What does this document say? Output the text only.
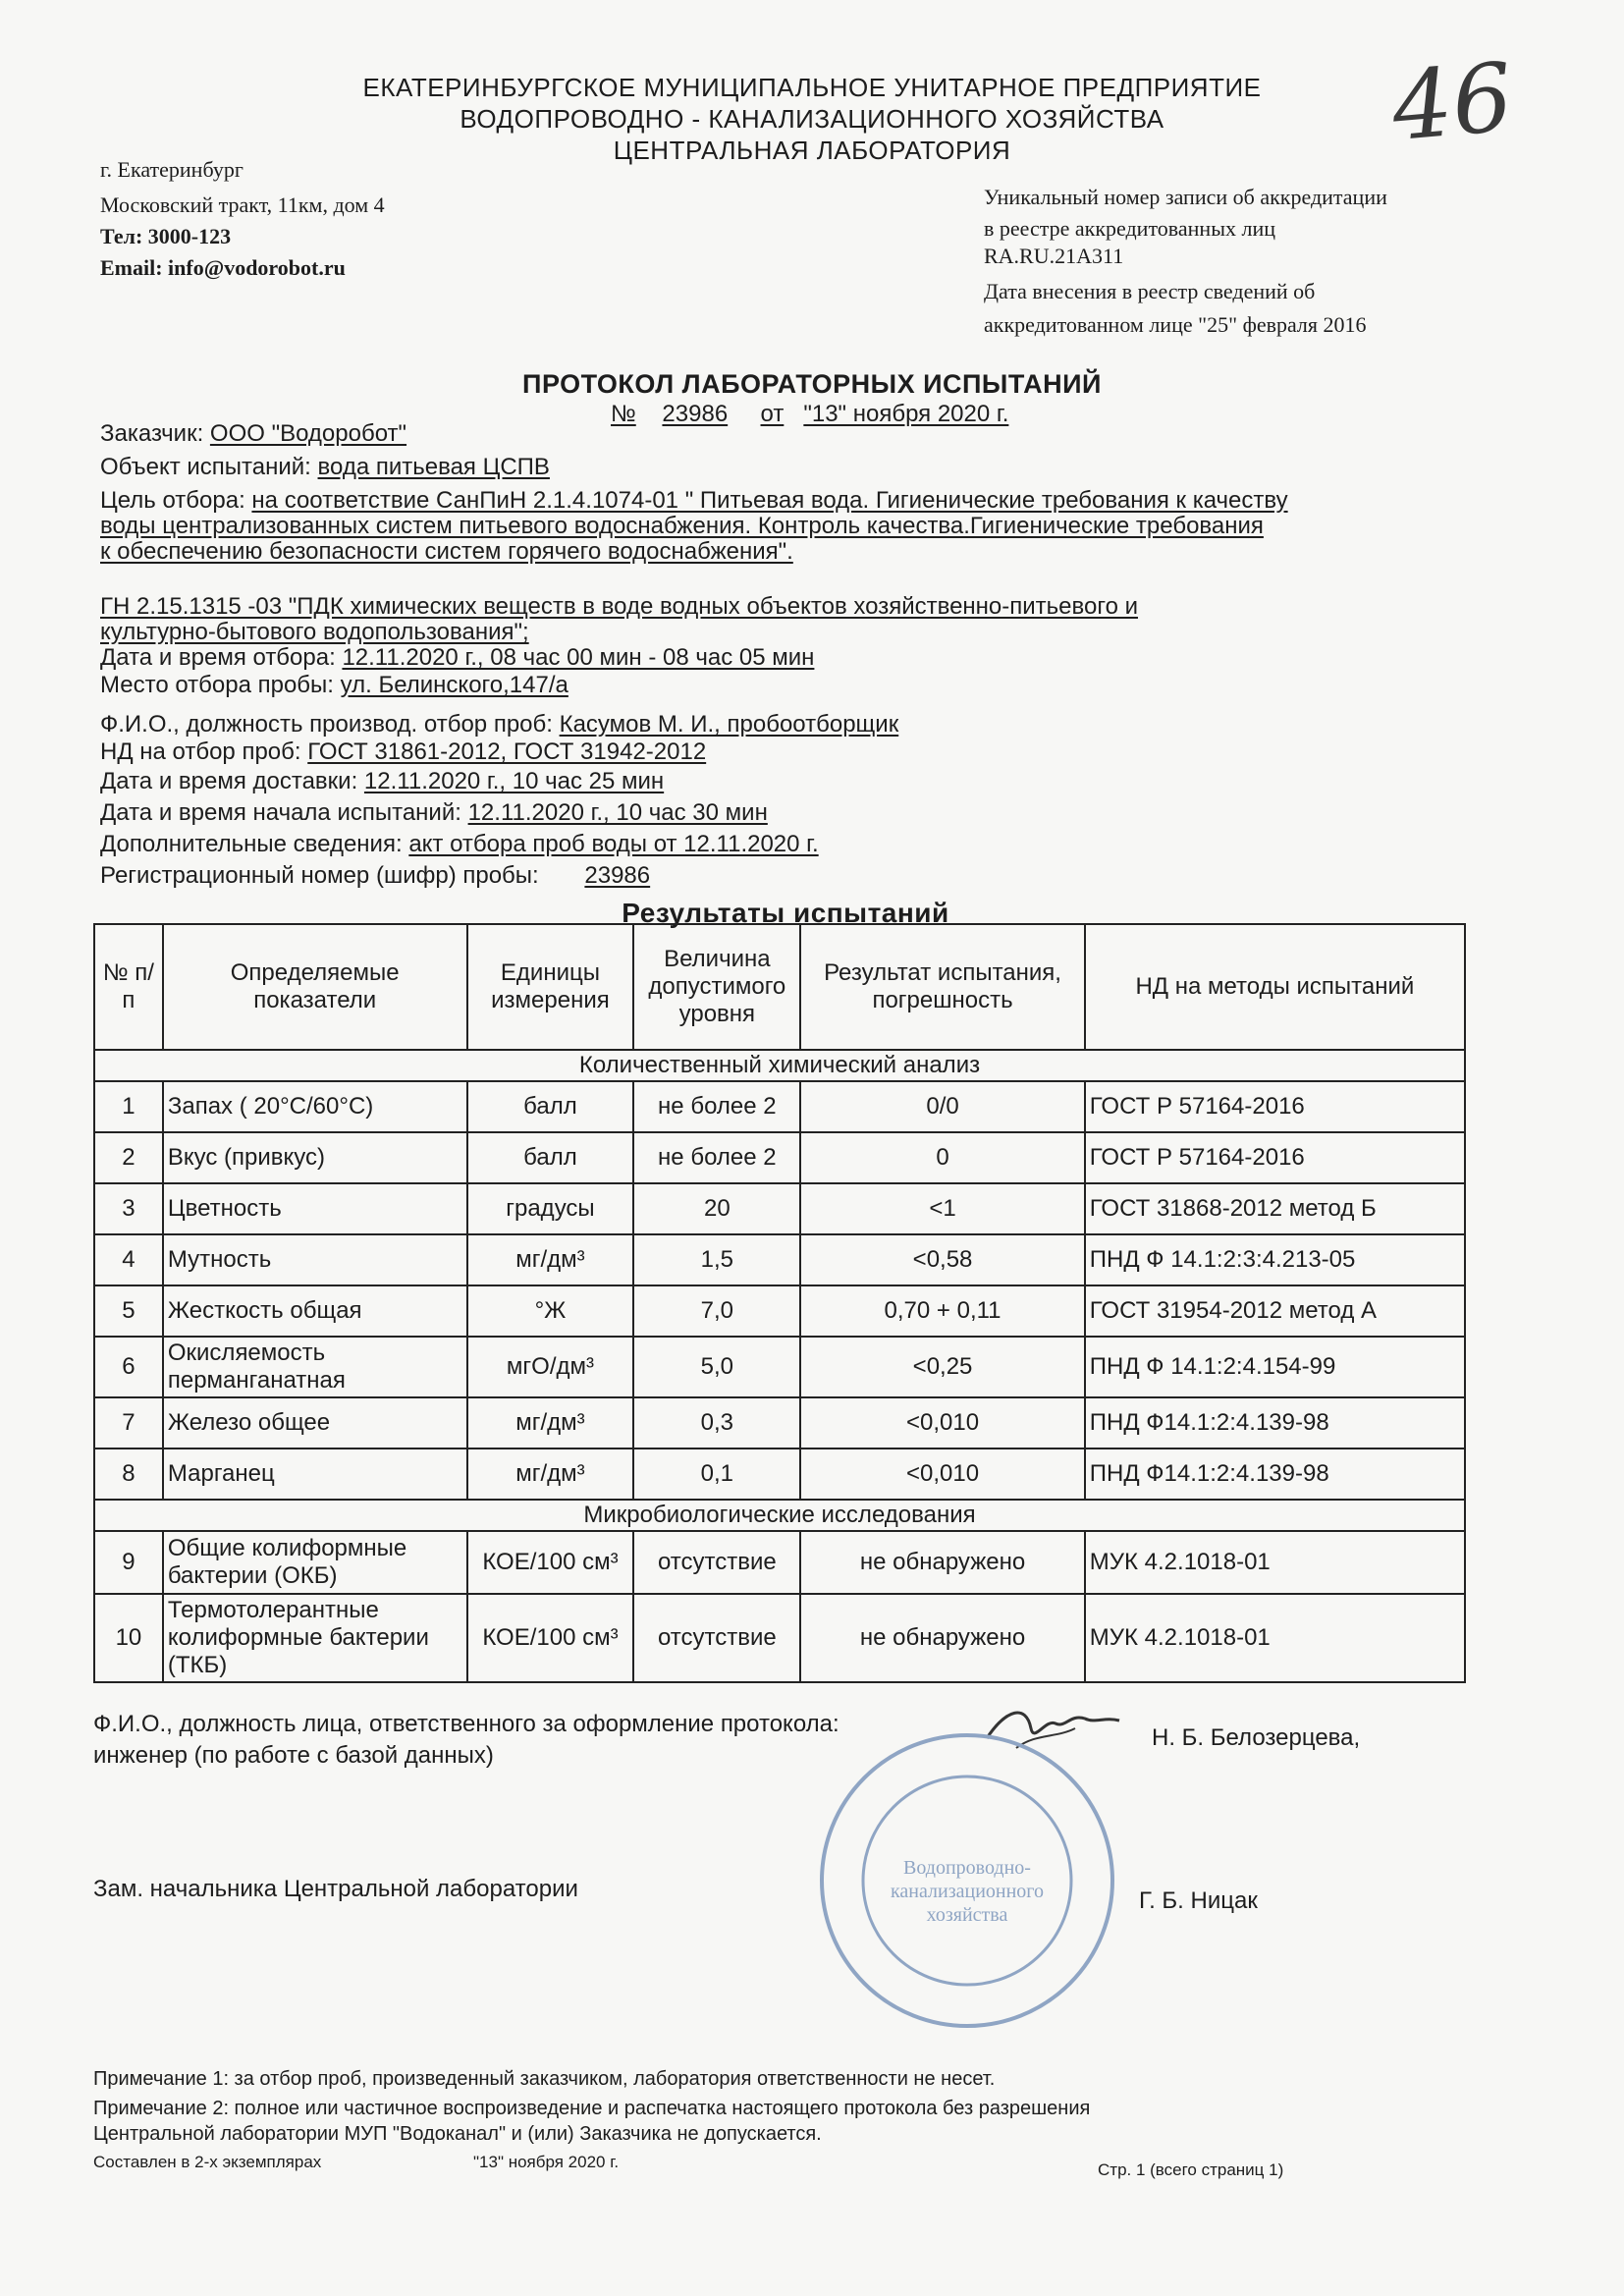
ЕКАТЕРИНБУРГСКОЕ МУНИЦИПАЛЬНОЕ УНИТАРНОЕ ПРЕДПРИЯТИЕ
ВОДОПРОВОДНО - КАНАЛИЗАЦИОННОГО ХОЗЯЙСТВА
ЦЕНТРАЛЬНАЯ ЛАБОРАТОРИЯ	46
г. Екатеринбург
Московский тракт, 11км, дом 4
Тел: 3000-123
Email: info@vodorobot.ru
Уникальный номер записи об аккредитации
в реестре аккредитованных лиц
RA.RU.21A311
Дата внесения в реестр сведений об
аккредитованном лице "25" февраля 2016
ПРОТОКОЛ ЛАБОРАТОРНЫХ ИСПЫТАНИЙ
№ 23986 от "13" ноября 2020 г.
Заказчик: ООО "Водоробот"
Объект испытаний: вода питьевая ЦСПВ
Цель отбора: на соответствие СанПиН 2.1.4.1074-01 " Питьевая вода. Гигиенические требования к качеству
воды централизованных систем питьевого водоснабжения. Контроль качества.Гигиенические требования
к обеспечению безопасности систем горячего водоснабжения".
ГН 2.15.1315 -03 "ПДК химических веществ в воде водных объектов хозяйственно-питьевого и
культурно-бытового водопользования";
Дата и время отбора: 12.11.2020 г., 08 час 00 мин - 08 час 05 мин
Место отбора пробы: ул. Белинского,147/а
Ф.И.О., должность производ. отбор проб: Касумов М. И., пробоотборщик
НД на отбор проб: ГОСТ 31861-2012, ГОСТ 31942-2012
Дата и время доставки: 12.11.2020 г., 10 час 25 мин
Дата и время начала испытаний: 12.11.2020 г., 10 час 30 мин
Дополнительные сведения: акт отбора проб воды от 12.11.2020 г.
Регистрационный номер (шифр) пробы: 23986
Результаты испытаний
№ п/п	Определяемые показатели	Единицы измерения	Величина допустимого уровня	Результат испытания, погрешность	НД на методы испытаний
Количественный химический анализ					
1	Запах ( 20°С/60°С)	балл	не более 2	0/0	ГОСТ Р 57164-2016
2	Вкус (привкус)	балл	не более 2	0	ГОСТ Р 57164-2016
3	Цветность	градусы	20	<1	ГОСТ 31868-2012 метод Б
4	Мутность	мг/дм³	1,5	<0,58	ПНД Ф 14.1:2:3:4.213-05
5	Жесткость общая	°Ж	7,0	0,70 + 0,11	ГОСТ 31954-2012 метод А
6	Окисляемость перманганатная	мгО/дм³	5,0	<0,25	ПНД Ф 14.1:2:4.154-99
7	Железо общее	мг/дм³	0,3	<0,010	ПНД Ф14.1:2:4.139-98
8	Марганец	мг/дм³	0,1	<0,010	ПНД Ф14.1:2:4.139-98
Микробиологические исследования					
9	Общие колиформные бактерии (ОКБ)	КОЕ/100 см³	отсутствие	не обнаружено	МУК 4.2.1018-01
10	Термотолерантные колиформные бактерии (ТКБ)	КОЕ/100 см³	отсутствие	не обнаружено	МУК 4.2.1018-01
Ф.И.О., должность лица, ответственного за оформление протокола:
инженер (по работе с базой данных)
Н. Б. Белозерцева,
Водопроводно-
канализационного
хозяйства
Зам. начальника Центральной лаборатории	Г. Б. Ницак
Примечание 1: за отбор проб, произведенный заказчиком, лаборатория ответственности не несет.
Примечание 2: полное или частичное воспроизведение и распечатка настоящего протокола без разрешения
Центральной лаборатории МУП "Водоканал" и (или) Заказчика не допускается.
Составлен в 2-х экземплярах	"13" ноября 2020 г.	Стр. 1 (всего страниц 1)
